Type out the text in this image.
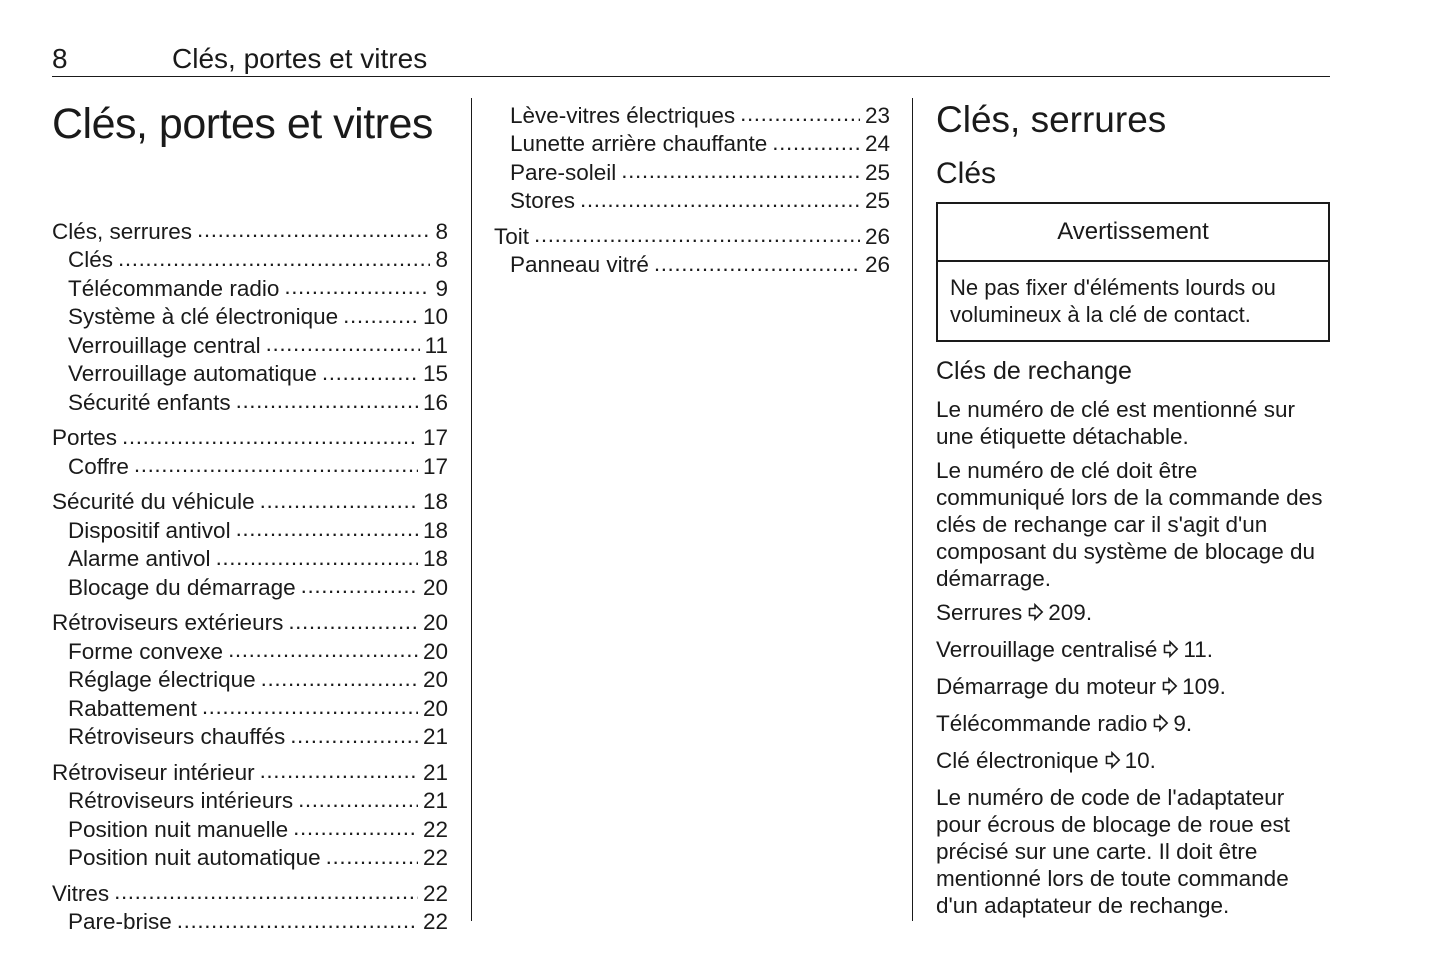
8	Clés, portes et vitres
Clés, portes et vitres
Clés, serrures .....	8
Clés .....	8
Télécommande radio .....	9
Système à clé électronique .....	10
Verrouillage central .....	11
Verrouillage automatique .....	15
Sécurité enfants .....	16
Portes .....	17
Coffre .....	17
Sécurité du véhicule .....	18
Dispositif antivol .....	18
Alarme antivol .....	18
Blocage du démarrage .....	20
Rétroviseurs extérieurs .....	20
Forme convexe .....	20
Réglage électrique .....	20
Rabattement .....	20
Rétroviseurs chauffés .....	21
Rétroviseur intérieur .....	21
Rétroviseurs intérieurs .....	21
Position nuit manuelle .....	22
Position nuit automatique .....	22
Vitres .....	22
Pare-brise .....	22
Lève-vitres électriques .....	23
Lunette arrière chauffante .....	24
Pare-soleil .....	25
Stores .....	25
Toit .....	26
Panneau vitré .....	26
Clés, serrures
Clés
Avertissement
Ne pas fixer d'éléments lourds ou volumineux à la clé de contact.
Clés de rechange

Le numéro de clé est mentionné sur une étiquette détachable.

Le numéro de clé doit être communiqué lors de la commande des clés de rechange car il s'agit d'un composant du système de blocage du démarrage.

Serrures 209.
Verrouillage centralisé 11.
Démarrage du moteur 109.
Télécommande radio 9.
Clé électronique 10.

Le numéro de code de l'adaptateur pour écrous de blocage de roue est précisé sur une carte. Il doit être mentionné lors de toute commande d'un adaptateur de rechange.
